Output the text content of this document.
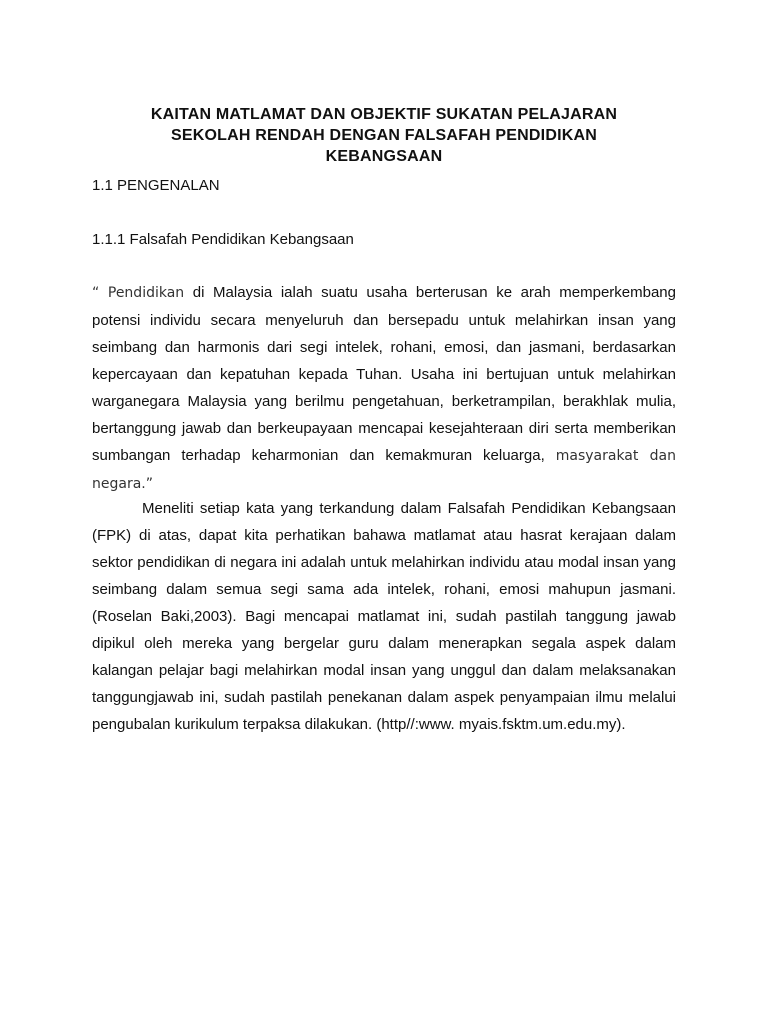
KAITAN MATLAMAT DAN OBJEKTIF SUKATAN PELAJARAN
SEKOLAH RENDAH DENGAN FALSAFAH PENDIDIKAN
KEBANGSAAN
1.1 PENGENALAN
1.1.1 Falsafah Pendidikan Kebangsaan
“ Pendidikan di Malaysia ialah suatu usaha berterusan ke arah memperkembang potensi individu secara menyeluruh dan bersepadu untuk melahirkan insan yang seimbang dan harmonis dari segi intelek, rohani, emosi, dan jasmani, berdasarkan kepercayaan dan kepatuhan kepada Tuhan. Usaha ini bertujuan untuk melahirkan warganegara Malaysia yang berilmu pengetahuan, berketrampilan, berakhlak mulia, bertanggung jawab dan berkeupayaan mencapai kesejahteraan diri serta memberikan sumbangan terhadap keharmonian dan kemakmuran keluarga, masyarakat dan negara.”
Meneliti setiap kata yang terkandung dalam Falsafah Pendidikan Kebangsaan (FPK) di atas, dapat kita perhatikan bahawa matlamat atau hasrat kerajaan dalam sektor pendidikan di negara ini adalah untuk melahirkan individu atau modal insan yang seimbang dalam semua segi sama ada intelek, rohani, emosi mahupun jasmani. (Roselan Baki,2003). Bagi mencapai matlamat ini, sudah pastilah tanggung jawab dipikul oleh mereka yang bergelar guru dalam menerapkan segala aspek dalam kalangan pelajar bagi melahirkan modal insan yang unggul dan dalam melaksanakan tanggungjawab ini, sudah pastilah penekanan dalam aspek penyampaian ilmu melalui pengubalan kurikulum terpaksa dilakukan. (http//:www. myais.fsktm.um.edu.my).
